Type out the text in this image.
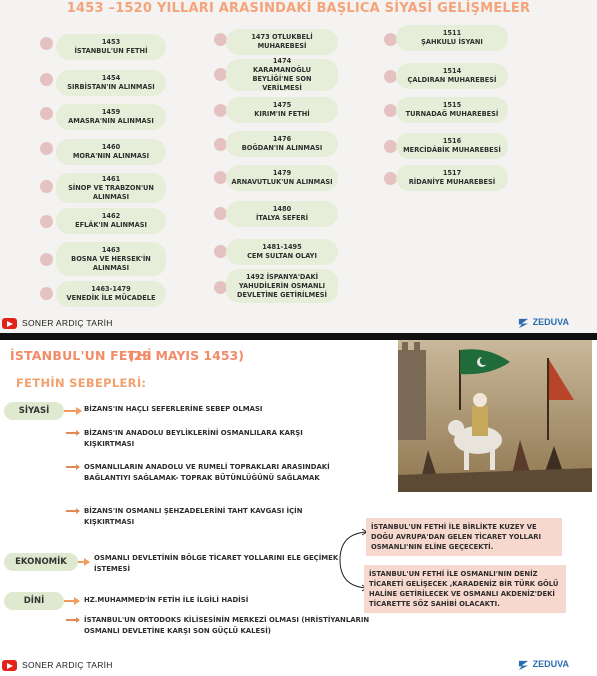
1453 –1520 YILLARI ARASINDAKİ BAŞLICA SİYASİ GELİŞMELER
1453
İSTANBUL'UN FETHİ
1454
SIRBİSTAN'IN ALINMASI
1459
AMASRA'NIN ALINMASI
1460
MORA'NIN ALINMASI
1461
SİNOP VE TRABZON'UN ALINMASI
1462
EFLÂK'IN ALINMASI
1463
BOSNA VE HERSEK'İN ALINMASI
1463-1479
VENEDİK İLE MÜCADELE
1473 OTLUKBELİ
MUHAREBESİ
1474
KARAMANOĞLU BEYLİĞİ'NE SON VERİLMESİ
1475
KIRIM'IN FETHİ
1476
BOĞDAN'IN ALINMASI
1479
ARNAVUTLUK'UN ALINMASI
1480
İTALYA SEFERİ
1481-1495
CEM SULTAN OLAYI
1492 İSPANYA'DAKİ
YAHUDİLERİN OSMANLI DEVLETİNE GETİRİLMESİ
1511
ŞAHKULU İSYANI
1514
ÇALDIRAN MUHAREBESİ
1515
TURNADAĞ MUHAREBESİ
1516
MERCİDÂBİK MUHAREBESİ
1517
RİDANİYE MUHAREBESİ
SONER ARDIÇ TARİH	ZEDUVA
İSTANBUL'UN FETHİ
(29 MAYIS 1453)
FETHİN SEBEPLERİ:
SİYASİ
EKONOMİK
DİNİ
BİZANS'IN HAÇLI SEFERLERİNE SEBEP OLMASI
BİZANS'IN ANADOLU BEYLİKLERİNİ OSMANLILARA KARŞI KIŞKIRTMASI
OSMANLILARIN ANADOLU VE RUMELİ TOPRAKLARI ARASINDAKİ BAĞLANTIYI SAĞLAMAK- TOPRAK BÜTÜNLÜĞÜNÜ SAĞLAMAK
BİZANS'IN OSMANLI ŞEHZADELERİNİ TAHT KAVGASI İÇİN KIŞKIRTMASI
OSMANLI DEVLETİNİN BÖLGE TİCARET YOLLARINI ELE GEÇİMEK İSTEMESİ
HZ.MUHAMMED'İN FETİH İLE İLGİLİ HADİSİ
İSTANBUL'UN ORTODOKS KİLİSESİNİN MERKEZİ OLMASI (HRİSTİYANLARIN OSMANLI DEVLETİNE KARŞI SON GÜÇLÜ KALESİ)
İSTANBUL'UN FETHİ İLE BİRLİKTE KUZEY VE DOĞU AVRUPA'DAN GELEN TİCARET YOLLARI OSMANLI'NIN ELİNE GEÇECEKTİ.
İSTANBUL'UN FETHİ İLE OSMANLI'NIN DENİZ TİCARETİ GELİŞECEK ,KARADENİZ BİR TÜRK GÖLÜ HALİNE GETİRİLECEK VE OSMANLI AKDENİZ'DEKİ TİCARETTE SÖZ SAHİBİ OLACAKTI.
SONER ARDIÇ TARİH	ZEDUVA
